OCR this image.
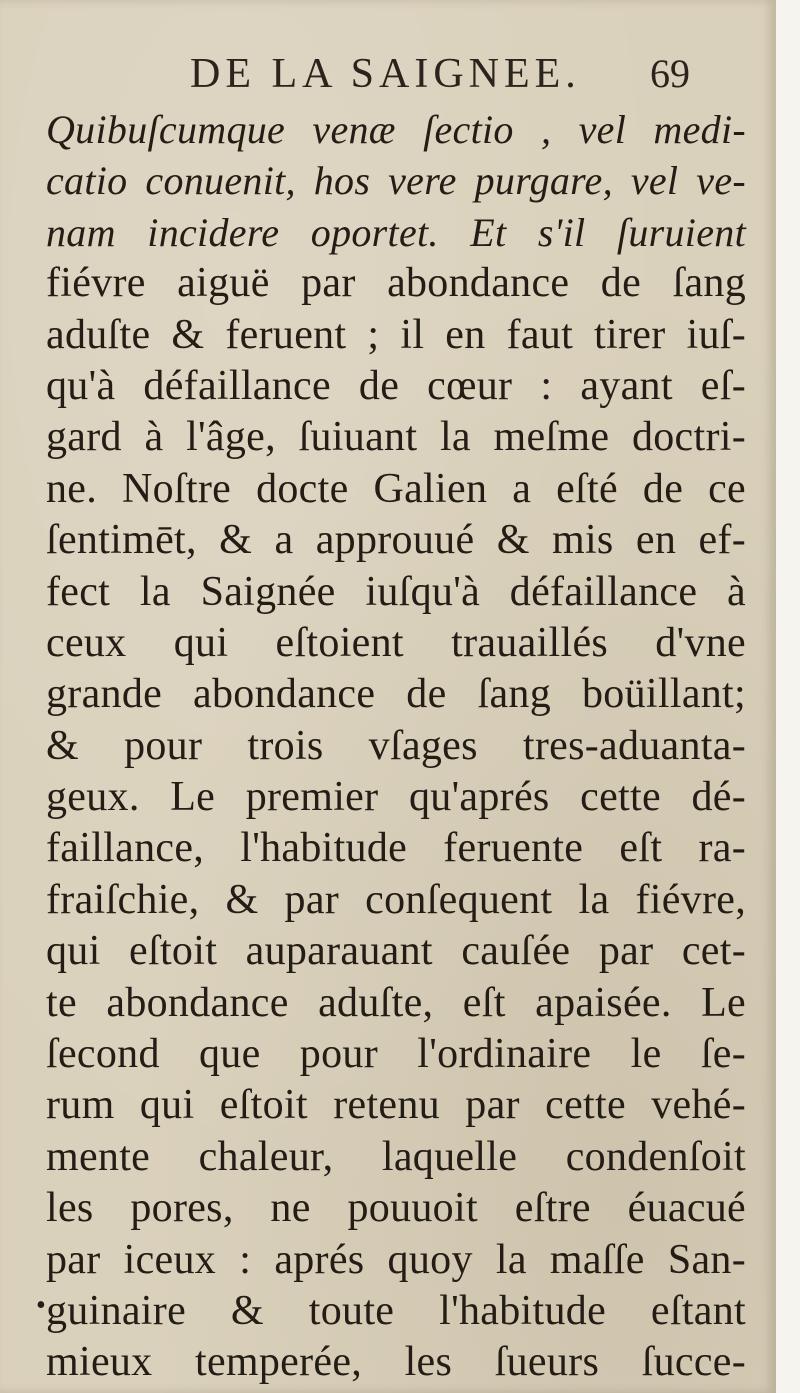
DE LA SAIGNEE. 69
Quibuſcumque venæ ſectio , vel medi-
catio conuenit, hos vere purgare, vel ve-
nam incidere oportet. Et s'il ſuruient
fiévre aiguë par abondance de ſang
aduſte & feruent ; il en faut tirer iuſ-
qu'à défaillance de cœur : ayant eſ-
gard à l'âge, ſuiuant la meſme doctri-
ne. Noſtre docte Galien a eſté de ce
ſentimēt, & a approuué & mis en ef-
fect la Saignée iuſqu'à défaillance à
ceux qui eſtoient trauaillés d'vne
grande abondance de ſang boüillant;
& pour trois vſages tres-aduanta-
geux. Le premier qu'aprés cette dé-
faillance, l'habitude feruente eſt ra-
fraiſchie, & par conſequent la fiévre,
qui eſtoit auparauant cauſée par cet-
te abondance aduſte, eſt apaisée. Le
ſecond que pour l'ordinaire le ſe-
rum qui eſtoit retenu par cette vehé-
mente chaleur, laquelle condenſoit
les pores, ne pouuoit eſtre éuacué
par iceux : aprés quoy la maſſe San-
guinaire & toute l'habitude eſtant
mieux temperée, les ſueurs ſucce-
•
